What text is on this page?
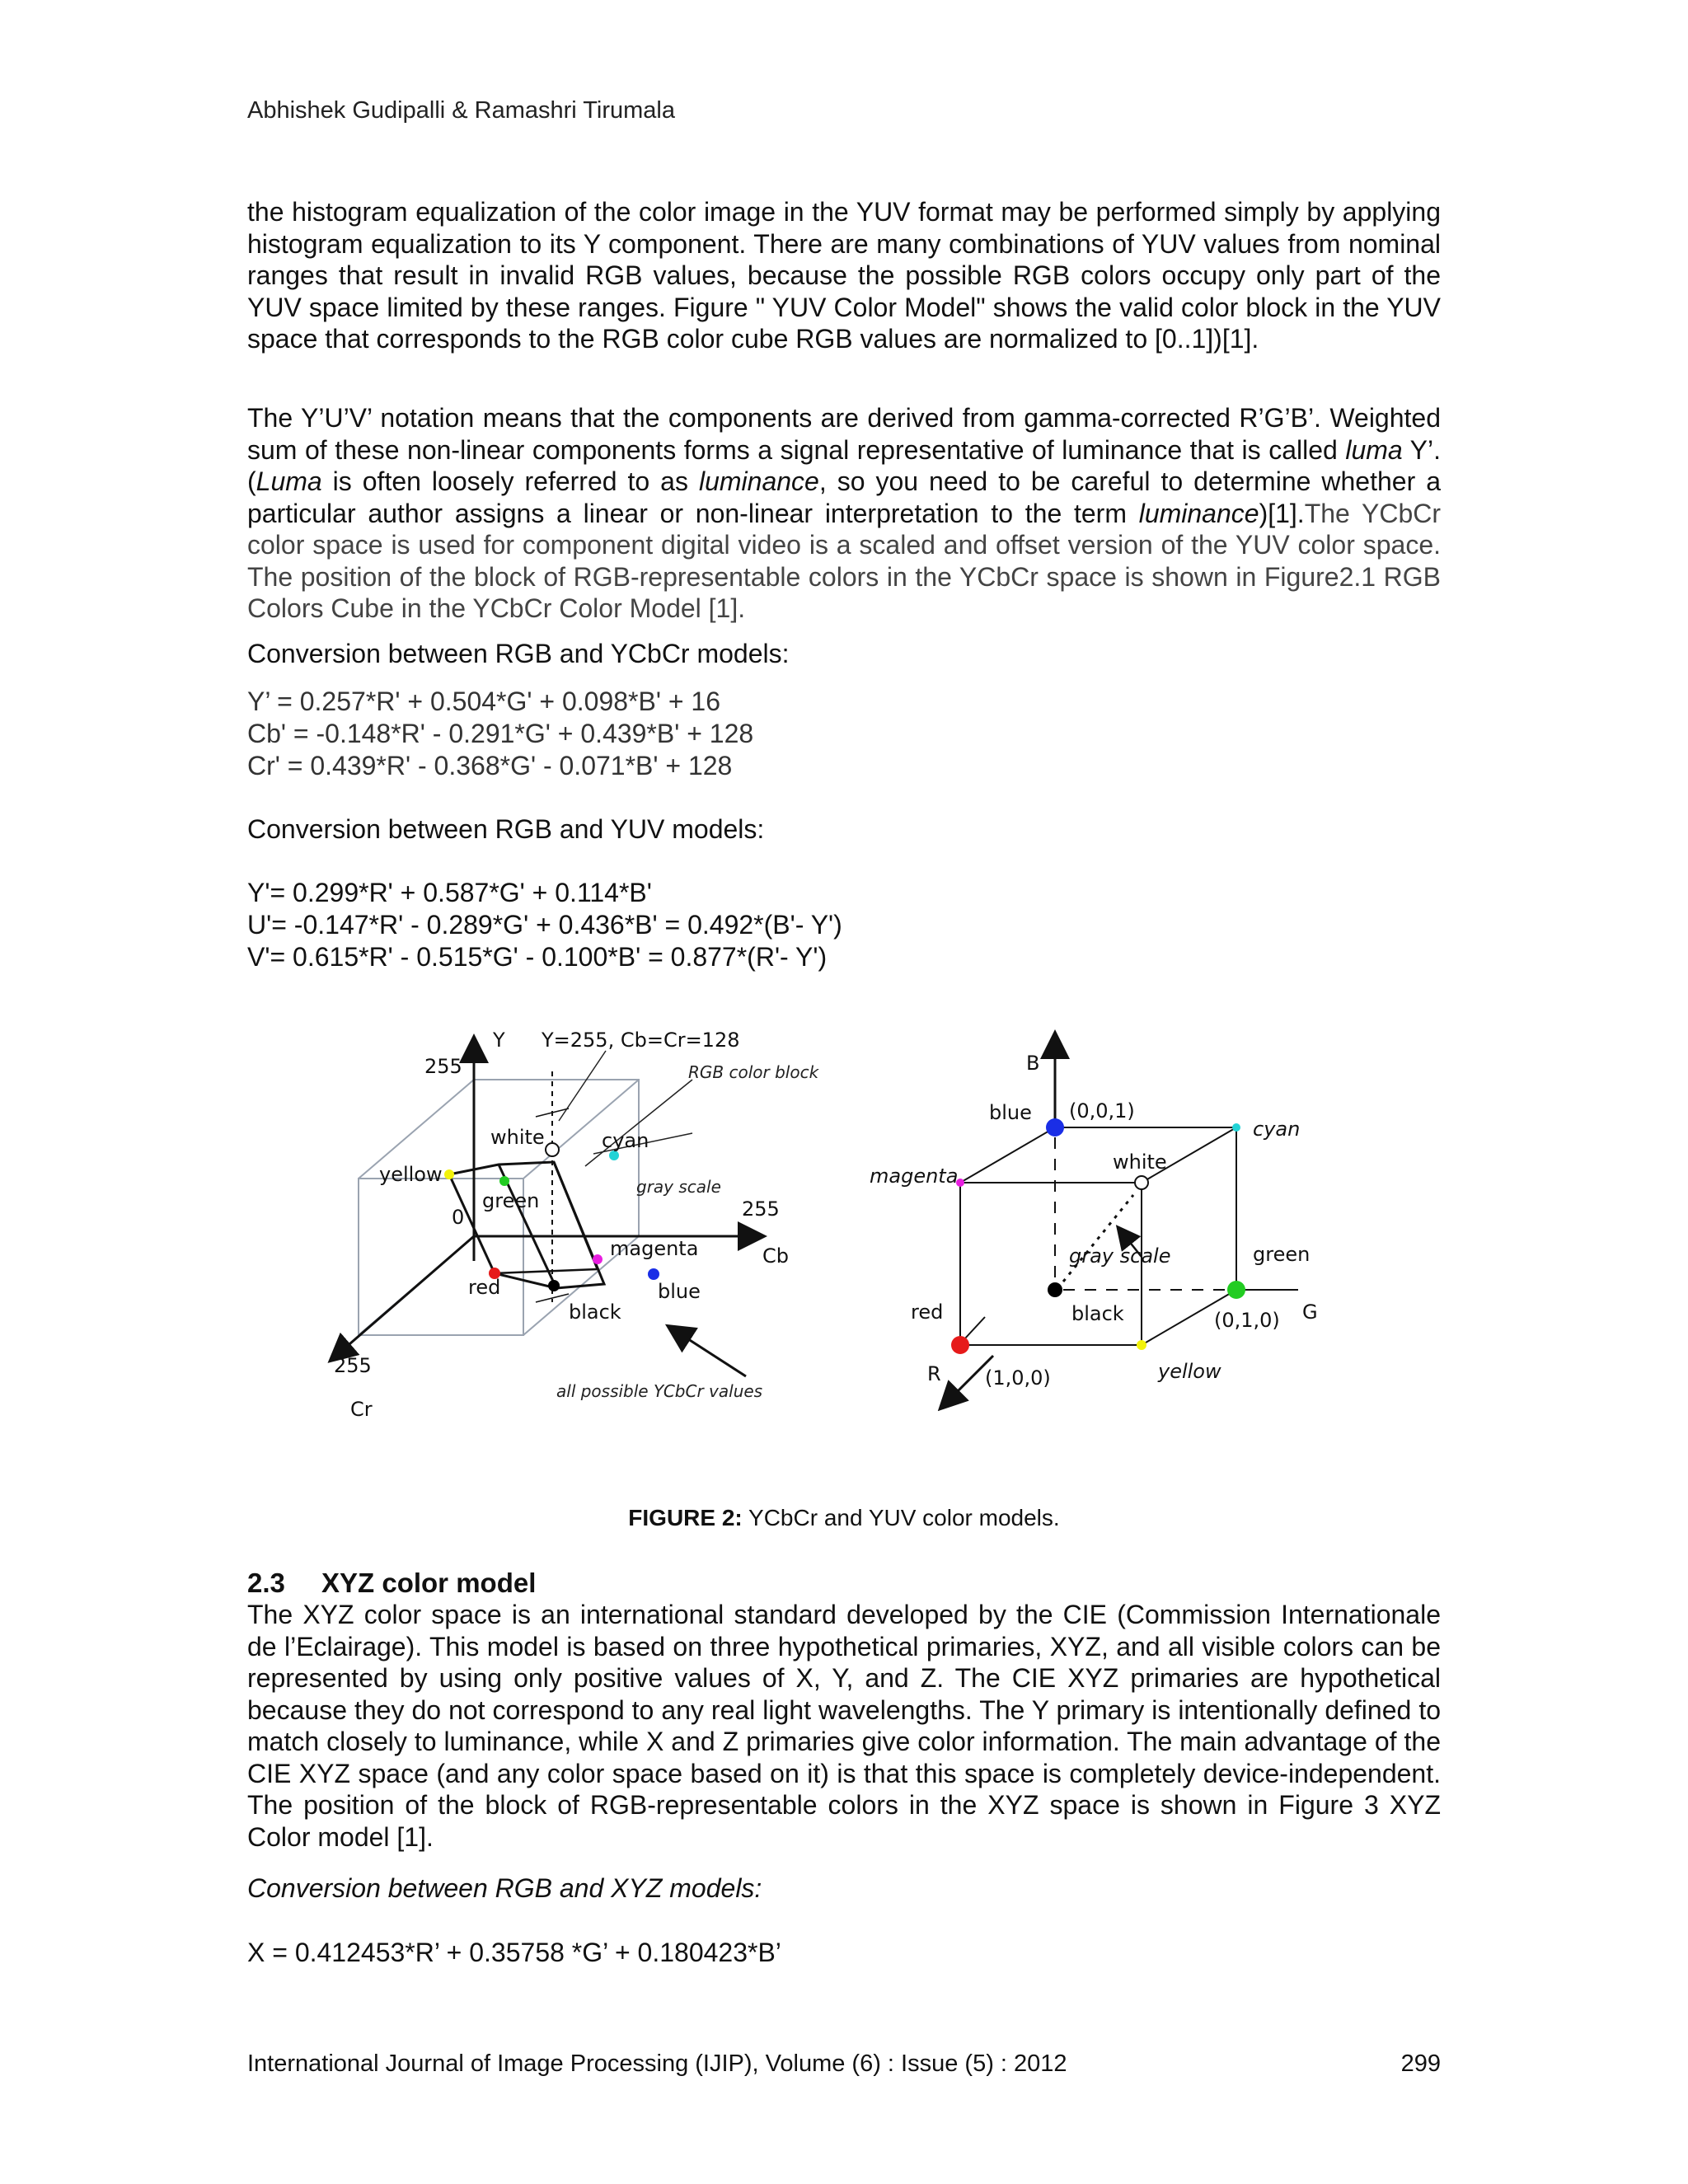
Abhishek Gudipalli & Ramashri Tirumala

the histogram equalization of the color image in the YUV format may be performed simply by applying histogram equalization to its Y component. There are many combinations of YUV values from nominal ranges that result in invalid RGB values, because the possible RGB colors occupy only part of the YUV space limited by these ranges. Figure " YUV Color Model" shows the valid color block in the YUV space that corresponds to the RGB color cube RGB values are normalized to [0..1])[1].

The Y’U’V’ notation means that the components are derived from gamma-corrected R’G’B’. Weighted sum of these non-linear components forms a signal representative of luminance that is called luma Y’. (Luma is often loosely referred to as luminance, so you need to be careful to determine whether a particular author assigns a linear or non-linear interpretation to the term luminance)[1].The YCbCr color space is used for component digital video is a scaled and offset version of the YUV color space. The position of the block of RGB-representable colors in the YCbCr space is shown in Figure2.1 RGB Colors Cube in the YCbCr Color Model [1].

Conversion between RGB and YCbCr models:

Y’ = 0.257*R' + 0.504*G' + 0.098*B' + 16

Cb' = -0.148*R' - 0.291*G' + 0.439*B' + 128

Cr' = 0.439*R' - 0.368*G' - 0.071*B' + 128

Conversion between RGB and YUV models:

Y'= 0.299*R' + 0.587*G' + 0.114*B'

U'= -0.147*R' - 0.289*G' + 0.436*B' = 0.492*(B'- Y')

V'= 0.615*R' - 0.515*G' - 0.100*B' = 0.877*(R'- Y')

Y Y=255, Cb=Cr=128
255
0	255
Cb
255
Cr
white	cyan
yellow
green
magenta
red	blue
black
RGB color block
gray scale
all possible YCbCr values
B
blue (0,0,1)
cyan
magenta
white
gray scale	green
red	black	(0,1,0) G
R (1,0,0)	yellow
FIGURE 2: YCbCr and YUV color models.
2.3 XYZ color model

The XYZ color space is an international standard developed by the CIE (Commission Internationale de l’Eclairage). This model is based on three hypothetical primaries, XYZ, and all visible colors can be represented by using only positive values of X, Y, and Z. The CIE XYZ primaries are hypothetical because they do not correspond to any real light wavelengths. The Y primary is intentionally defined to match closely to luminance, while X and Z primaries give color information. The main advantage of the CIE XYZ space (and any color space based on it) is that this space is completely device-independent. The position of the block of RGB-representable colors in the XYZ space is shown in Figure 3 XYZ Color model [1].

Conversion between RGB and XYZ models:

X = 0.412453*R’ + 0.35758 *G’ + 0.180423*B’

International Journal of Image Processing (IJIP), Volume (6) : Issue (5) : 2012	299
